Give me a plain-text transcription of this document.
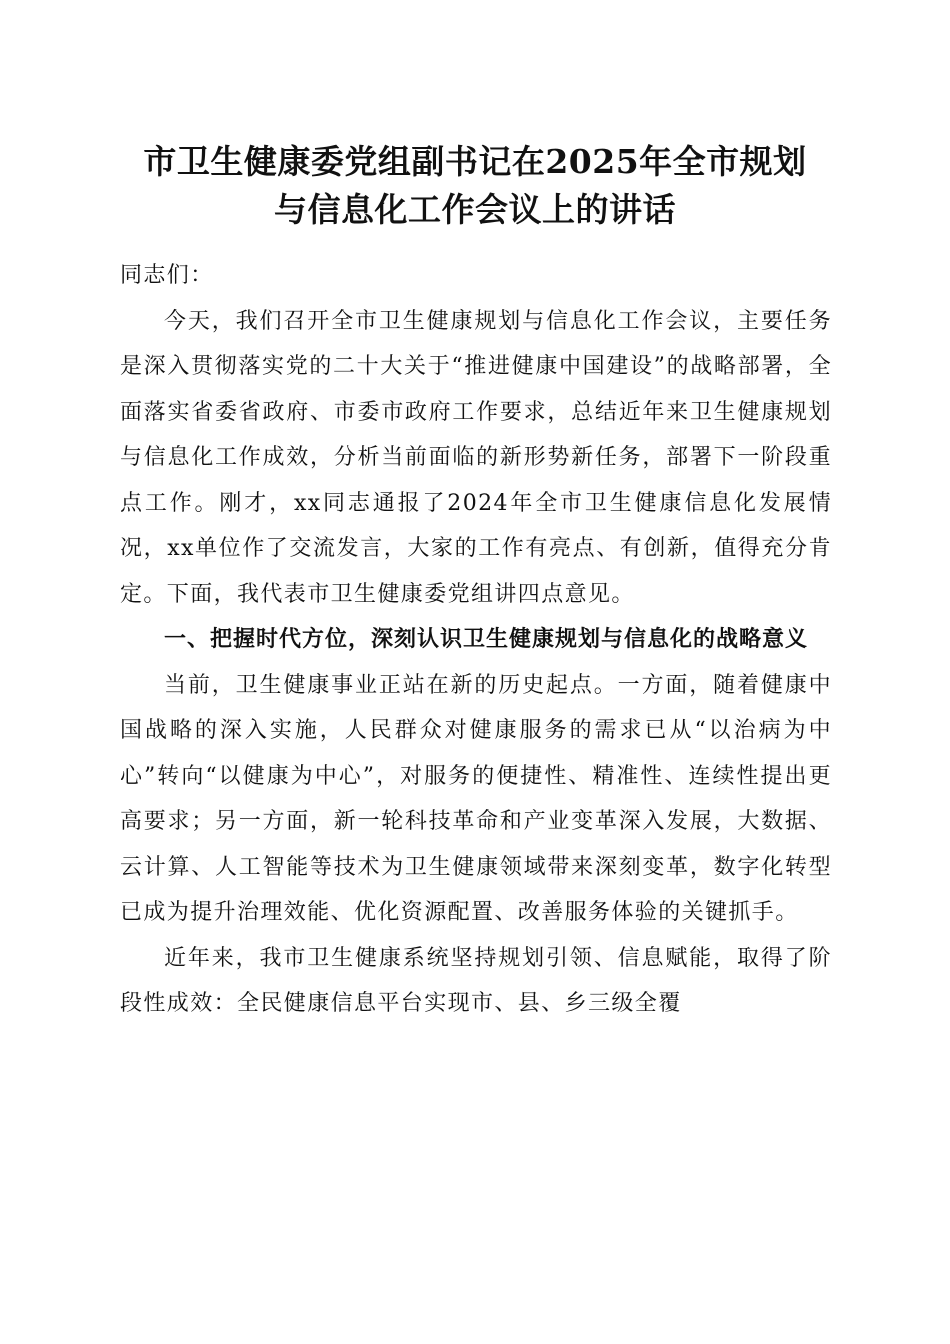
市卫生健康委党组副书记在2025年全市规划
与信息化工作会议上的讲话

同志们：

今天，我们召开全市卫生健康规划与信息化工作会议，主要任务是深入贯彻落实党的二十大关于“推进健康中国建设”的战略部署，全面落实省委省政府、市委市政府工作要求，总结近年来卫生健康规划与信息化工作成效，分析当前面临的新形势新任务，部署下一阶段重点工作。刚才，xx同志通报了2024年全市卫生健康信息化发展情况，xx单位作了交流发言，大家的工作有亮点、有创新，值得充分肯定。下面，我代表市卫生健康委党组讲四点意见。

一、把握时代方位，深刻认识卫生健康规划与信息化的战略意义

当前，卫生健康事业正站在新的历史起点。一方面，随着健康中国战略的深入实施，人民群众对健康服务的需求已从“以治病为中心”转向“以健康为中心”，对服务的便捷性、精准性、连续性提出更高要求；另一方面，新一轮科技革命和产业变革深入发展，大数据、云计算、人工智能等技术为卫生健康领域带来深刻变革，数字化转型已成为提升治理效能、优化资源配置、改善服务体验的关键抓手。

近年来，我市卫生健康系统坚持规划引领、信息赋能，取得了阶段性成效：全民健康信息平台实现市、县、乡三级全覆
